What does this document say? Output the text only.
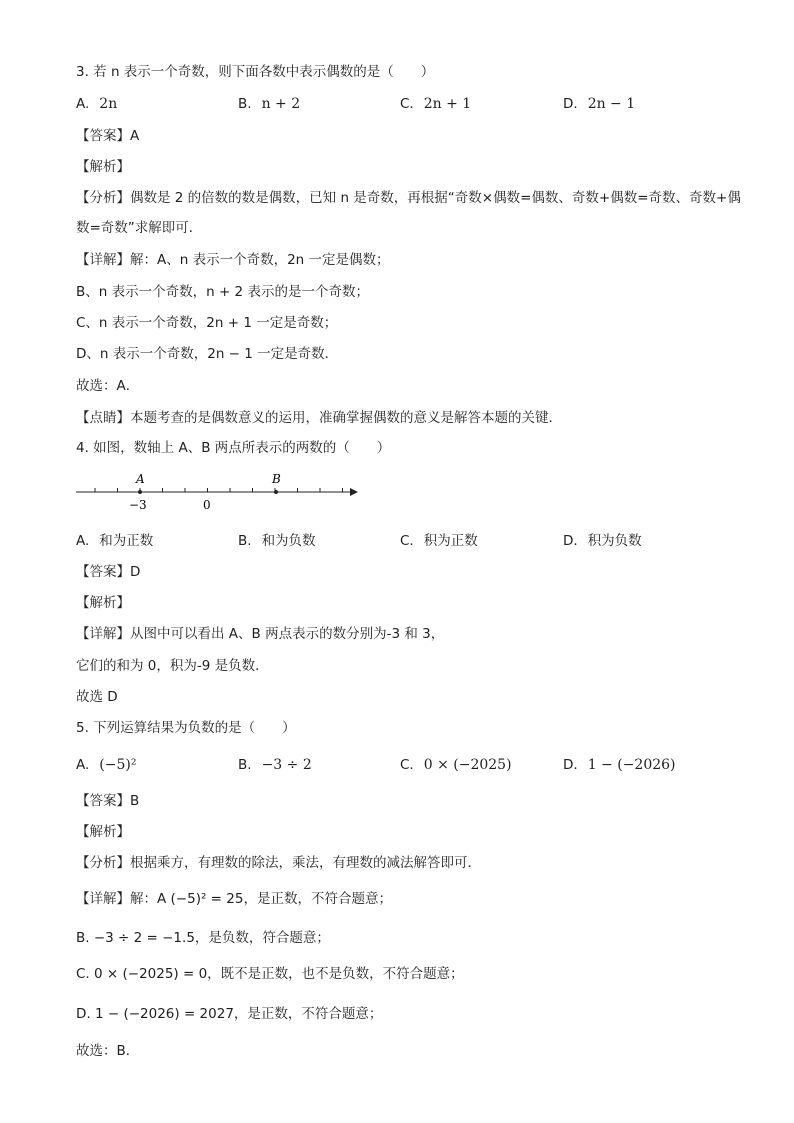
3. 若 n 表示一个奇数，则下面各数中表示偶数的是（　　）
A. 2n	B. n + 2	C. 2n + 1	D. 2n − 1
【答案】A
【解析】
【分析】偶数是 2 的倍数的数是偶数，已知 n 是奇数，再根据“奇数×偶数=偶数、奇数+偶数=奇数、奇数+偶
数=奇数”求解即可．
【详解】解：A、n 表示一个奇数，2n 一定是偶数；
B、n 表示一个奇数，n + 2 表示的是一个奇数；
C、n 表示一个奇数，2n + 1 一定是奇数；
D、n 表示一个奇数，2n − 1 一定是奇数．
故选：A．
【点睛】本题考查的是偶数意义的运用，准确掌握偶数的意义是解答本题的关键．
4. 如图，数轴上 A、B 两点所表示的两数的（　　）
A	B
−3	0
A. 和为正数	B. 和为负数	C. 积为正数	D. 积为负数
【答案】D
【解析】
【详解】从图中可以看出 A、B 两点表示的数分别为-3 和 3，
它们的和为 0，积为-9 是负数．
故选 D
5. 下列运算结果为负数的是（　　）
A. (−5)²	B. −3 ÷ 2	C. 0 × (−2025)	D. 1 − (−2026)
【答案】B
【解析】
【分析】根据乘方，有理数的除法，乘法，有理数的减法解答即可．
【详解】解：A (−5)² = 25，是正数，不符合题意；
B. −3 ÷ 2 = −1.5，是负数，符合题意；
C. 0 × (−2025) = 0，既不是正数，也不是负数，不符合题意；
D. 1 − (−2026) = 2027，是正数，不符合题意；
故选：B．
